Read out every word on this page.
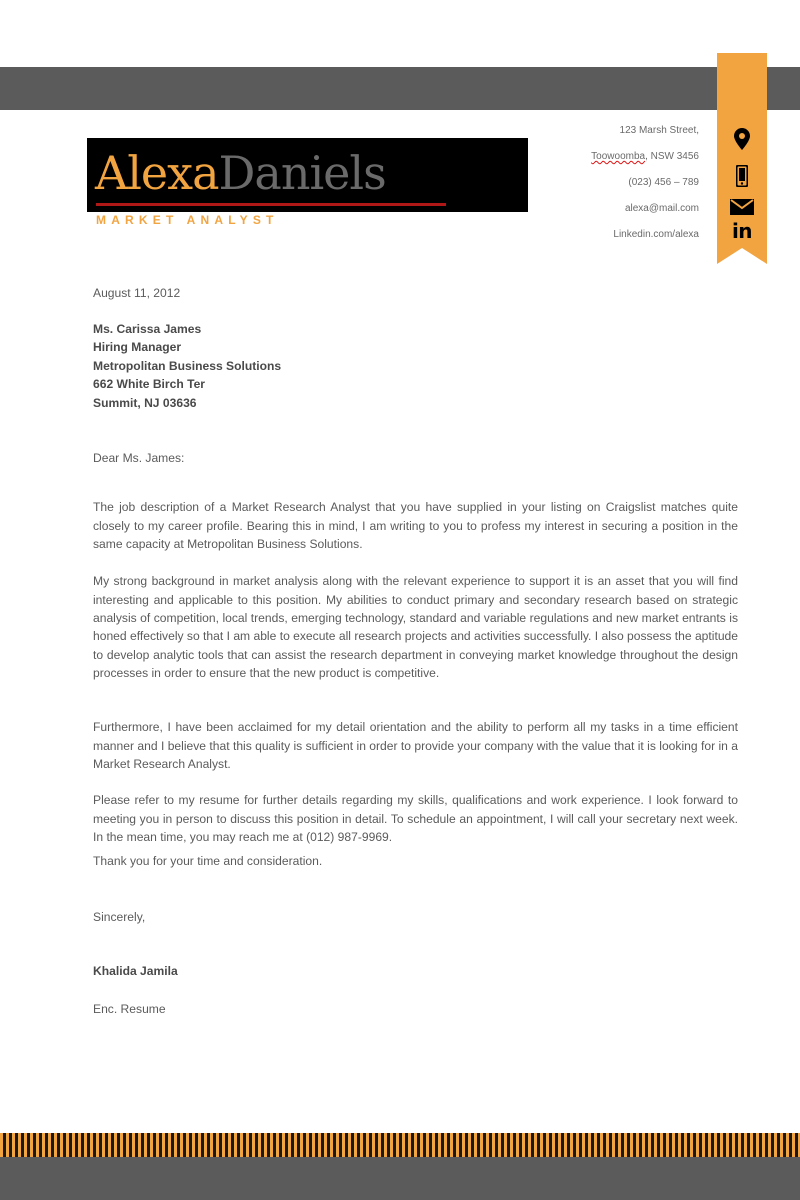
in
AlexaDaniels
MARKET ANALYST
123 Marsh Street,
Toowoomba, NSW 3456
(023) 456 – 789
alexa@mail.com
Linkedin.com/alexa
August 11, 2012
Ms. Carissa James
Hiring Manager
Metropolitan Business Solutions
662 White Birch Ter
Summit, NJ 03636
Dear Ms. James:

The job description of a Market Research Analyst that you have supplied in your listing on Craigslist matches quite closely to my career profile. Bearing this in mind, I am writing to you to profess my interest in securing a position in the same capacity at Metropolitan Business Solutions.

My strong background in market analysis along with the relevant experience to support it is an asset that you will find interesting and applicable to this position. My abilities to conduct primary and secondary research based on strategic analysis of competition, local trends, emerging technology, standard and variable regulations and new market entrants is honed effectively so that I am able to execute all research projects and activities successfully. I also possess the aptitude to develop analytic tools that can assist the research department in conveying market knowledge throughout the design processes in order to ensure that the new product is competitive.

Furthermore, I have been acclaimed for my detail orientation and the ability to perform all my tasks in a time efficient manner and I believe that this quality is sufficient in order to provide your company with the value that it is looking for in a Market Research Analyst.

Please refer to my resume for further details regarding my skills, qualifications and work experience. I look forward to meeting you in person to discuss this position in detail. To schedule an appointment, I will call your secretary next week. In the mean time, you may reach me at (012) 987-9969.

Thank you for your time and consideration.
Sincerely,
Khalida Jamila
Enc. Resume
